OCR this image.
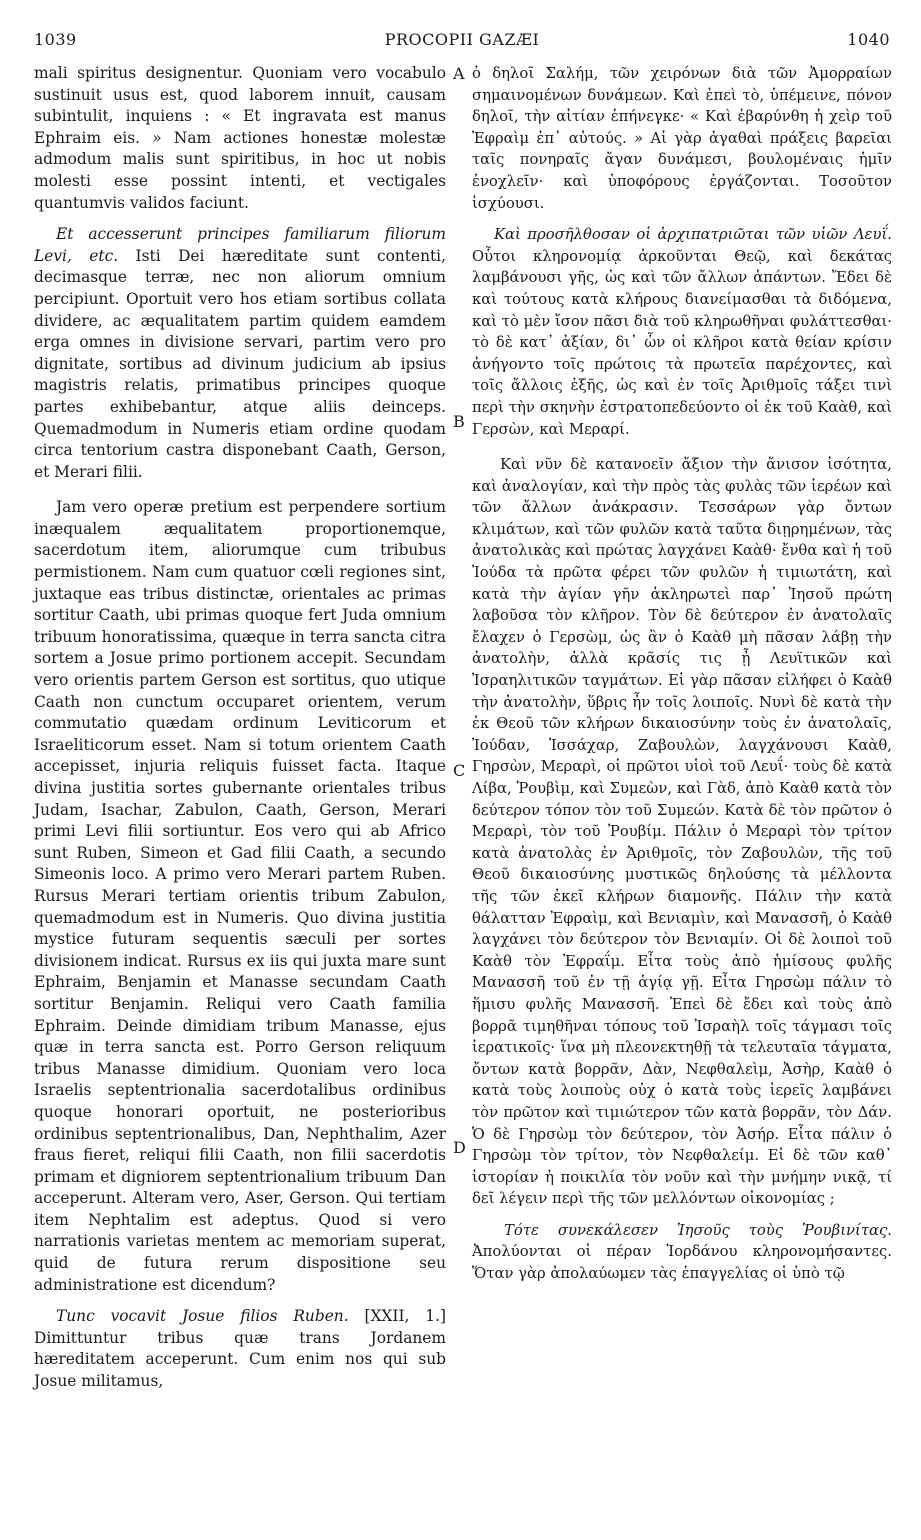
1039	PROCOPII GAZÆI	1040
A
B
C
D

mali spiritus designentur. Quoniam vero vocabulo sustinuit usus est, quod laborem innuit, causam subintulit, inquiens : « Et ingravata est manus Ephraim eis. » Nam actiones honestæ molestæ admodum malis sunt spiritibus, in hoc ut nobis molesti esse possint intenti, et vectigales quantumvis validos faciunt.

Et accesserunt principes familiarum filiorum Levi, etc. Isti Dei hæreditate sunt contenti, decimasque terræ, nec non aliorum omnium percipiunt. Oportuit vero hos etiam sortibus collata dividere, ac æqualitatem partim quidem eamdem erga omnes in divisione servari, partim vero pro dignitate, sortibus ad divinum judicium ab ipsius magistris relatis, primatibus principes quoque partes exhibebantur, atque aliis deinceps. Quemadmodum in Numeris etiam ordine quodam circa tentorium castra disponebant Caath, Gerson, et Merari filii.

Jam vero operæ pretium est perpendere sortium inæqualem æqualitatem proportionemque, sacerdotum item, aliorumque cum tribubus permistionem. Nam cum quatuor cœli regiones sint, juxtaque eas tribus distinctæ, orientales ac primas sortitur Caath, ubi primas quoque fert Juda omnium tribuum honoratissima, quæque in terra sancta citra sortem a Josue primo portionem accepit. Secundam vero orientis partem Gerson est sortitus, quo utique Caath non cunctum occuparet orientem, verum commutatio quædam ordinum Leviticorum et Israeliticorum esset. Nam si totum orientem Caath accepisset, injuria reliquis fuisset facta. Itaque divina justitia sortes gubernante orientales tribus Judam, Isachar, Zabulon, Caath, Gerson, Merari primi Levi filii sortiuntur. Eos vero qui ab Africo sunt Ruben, Simeon et Gad filii Caath, a secundo Simeonis loco. A primo vero Merari partem Ruben. Rursus Merari tertiam orientis tribum Zabulon, quemadmodum est in Numeris. Quo divina justitia mystice futuram sequentis sæculi per sortes divisionem indicat. Rursus ex iis qui juxta mare sunt Ephraim, Benjamin et Manasse secundam Caath sortitur Benjamin. Reliqui vero Caath familia Ephraim. Deinde dimidiam tribum Manasse, ejus quæ in terra sancta est. Porro Gerson reliquum tribus Manasse dimidium. Quoniam vero loca Israelis septentrionalia sacerdotalibus ordinibus quoque honorari oportuit, ne posterioribus ordinibus septentrionalibus, Dan, Nephthalim, Azer fraus fieret, reliqui filii Caath, non filii sacerdotis primam et digniorem septentrionalium tribuum Dan acceperunt. Alteram vero, Aser, Gerson. Qui tertiam item Nephtalim est adeptus. Quod si vero narrationis varietas mentem ac memoriam superat, quid de futura rerum dispositione seu administratione est dicendum?

Tunc vocavit Josue filios Ruben. [XXII, 1.] Dimittuntur tribus quæ trans Jordanem hæreditatem acceperunt. Cum enim nos qui sub Josue militamus,

ὁ δηλοῖ Σαλήμ, τῶν χειρόνων διὰ τῶν Ἀμορραίων σημαινομένων δυνάμεων. Καὶ ἐπεὶ τὸ, ὑπέμεινε, πόνον δηλοῖ, τὴν αἰτίαν ἐπήνεγκε· « Καὶ ἐβαρύνθη ἡ χεὶρ τοῦ Ἐφραὶμ ἐπ᾽ αὐτούς. » Αἱ γὰρ ἀγαθαὶ πράξεις βαρεῖαι ταῖς πονηραῖς ἄγαν δυνάμεσι, βουλομέναις ἡμῖν ἐνοχλεῖν· καὶ ὑποφόρους ἐργάζονται. Τοσοῦτον ἰσχύουσι.

Καὶ προσῆλθοσαν οἱ ἀρχιπατριῶται τῶν υἱῶν Λευΐ. Οὗτοι κληρονομίᾳ ἀρκοῦνται Θεῷ, καὶ δεκάτας λαμβάνουσι γῆς, ὡς καὶ τῶν ἄλλων ἁπάντων. Ἔδει δὲ καὶ τούτους κατὰ κλήρους διανείμασθαι τὰ διδόμενα, καὶ τὸ μὲν ἴσον πᾶσι διὰ τοῦ κληρωθῆναι φυλάττεσθαι· τὸ δὲ κατ᾽ ἀξίαν, δι᾽ ὧν οἱ κλῆροι κατὰ θείαν κρίσιν ἀνήγοντο τοῖς πρώτοις τὰ πρωτεῖα παρέχοντες, καὶ τοῖς ἄλλοις ἑξῆς, ὡς καὶ ἐν τοῖς Ἀριθμοῖς τάξει τινὶ περὶ τὴν σκηνὴν ἐστρατοπεδεύοντο οἱ ἐκ τοῦ Καὰθ, καὶ Γερσὼν, καὶ Μεραρί.

Καὶ νῦν δὲ κατανοεῖν ἄξιον τὴν ἄνισον ἰσότητα, καὶ ἀναλογίαν, καὶ τὴν πρὸς τὰς φυλὰς τῶν ἱερέων καὶ τῶν ἄλλων ἀνάκρασιν. Τεσσάρων γὰρ ὄντων κλιμάτων, καὶ τῶν φυλῶν κατὰ ταῦτα διῃρημένων, τὰς ἀνατολικὰς καὶ πρώτας λαγχάνει Καὰθ· ἔνθα καὶ ἡ τοῦ Ἰούδα τὰ πρῶτα φέρει τῶν φυλῶν ἡ τιμιωτάτη, καὶ κατὰ τὴν ἁγίαν γῆν ἀκληρωτεὶ παρ᾽ Ἰησοῦ πρώτη λαβοῦσα τὸν κλῆρον. Τὸν δὲ δεύτερον ἐν ἀνατολαῖς ἔλαχεν ὁ Γερσὼμ, ὡς ἂν ὁ Καὰθ μὴ πᾶσαν λάβῃ τὴν ἀνατολὴν, ἀλλὰ κρᾶσίς τις ᾖ Λευϊτικῶν καὶ Ἰσραηλιτικῶν ταγμάτων. Εἰ γὰρ πᾶσαν εἰλήφει ὁ Καὰθ τὴν ἀνατολὴν, ὕβρις ἦν τοῖς λοιποῖς. Νυνὶ δὲ κατὰ τὴν ἐκ Θεοῦ τῶν κλήρων δικαιοσύνην τοὺς ἐν ἀνατολαῖς, Ἰούδαν, Ἰσσάχαρ, Ζαβουλὼν, λαγχάνουσι Καὰθ, Γηρσὼν, Μεραρὶ, οἱ πρῶτοι υἱοὶ τοῦ Λευΐ· τοὺς δὲ κατὰ Λίβα, Ῥουβὶμ, καὶ Συμεὼν, καὶ Γὰδ, ἀπὸ Καὰθ κατὰ τὸν δεύτερον τόπον τὸν τοῦ Συμεών. Κατὰ δὲ τὸν πρῶτον ὁ Μεραρὶ, τὸν τοῦ Ῥουβίμ. Πάλιν ὁ Μεραρὶ τὸν τρίτον κατὰ ἀνατολὰς ἐν Ἀριθμοῖς, τὸν Ζαβουλὼν, τῆς τοῦ Θεοῦ δικαιοσύνης μυστικῶς δηλούσης τὰ μέλλοντα τῆς τῶν ἐκεῖ κλήρων διαμονῆς. Πάλιν τὴν κατὰ θάλατταν Ἐφραὶμ, καὶ Βενιαμὶν, καὶ Μανασσῆ, ὁ Καὰθ λαγχάνει τὸν δεύτερον τὸν Βενιαμίν. Οἱ δὲ λοιποὶ τοῦ Καὰθ τὸν Ἐφραΐμ. Εἶτα τοὺς ἀπὸ ἡμίσους φυλῆς Μανασσῆ τοῦ ἐν τῇ ἁγίᾳ γῇ. Εἶτα Γηρσὼμ πάλιν τὸ ἥμισυ φυλῆς Μανασσῆ. Ἐπεὶ δὲ ἔδει καὶ τοὺς ἀπὸ βορρᾶ τιμηθῆναι τόπους τοῦ Ἰσραὴλ τοῖς τάγμασι τοῖς ἱερατικοῖς· ἵνα μὴ πλεονεκτηθῇ τὰ τελευταῖα τάγματα, ὄντων κατὰ βορρᾶν, Δὰν, Νεφθαλεὶμ, Ἀσὴρ, Καὰθ ὁ κατὰ τοὺς λοιποὺς οὐχ ὁ κατὰ τοὺς ἱερεῖς λαμβάνει τὸν πρῶτον καὶ τιμιώτερον τῶν κατὰ βορρᾶν, τὸν Δάν. Ὁ δὲ Γηρσὼμ τὸν δεύτερον, τὸν Ἀσήρ. Εἶτα πάλιν ὁ Γηρσὼμ τὸν τρίτον, τὸν Νεφθαλείμ. Εἰ δὲ τῶν καθ᾽ ἱστορίαν ἡ ποικιλία τὸν νοῦν καὶ τὴν μνήμην νικᾷ, τί δεῖ λέγειν περὶ τῆς τῶν μελλόντων οἰκονομίας ;

Τότε συνεκάλεσεν Ἰησοῦς τοὺς Ῥουβινίτας. Ἀπολύονται οἱ πέραν Ἰορδάνου κληρονομήσαντες. Ὅταν γὰρ ἀπολαύωμεν τὰς ἐπαγγελίας οἱ ὑπὸ τῷ
